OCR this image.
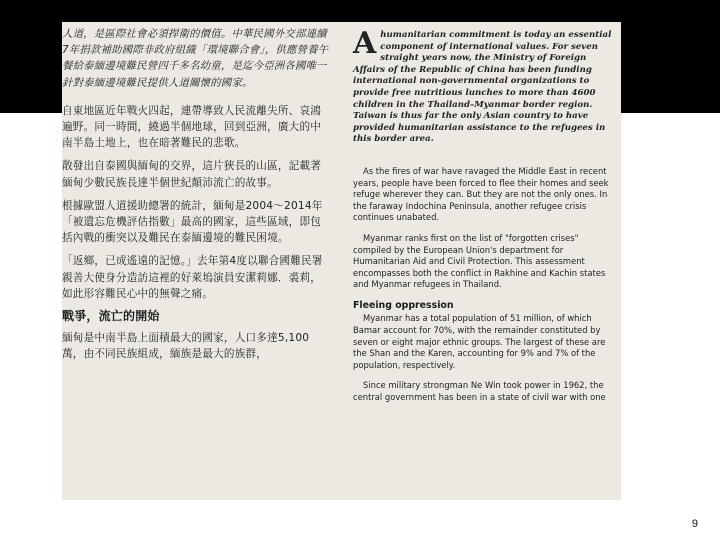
人道，是區際社會必須捍衛的價值。中華民國外交部連續7年捐款補助國際非政府組織「環境聯合會」，供應營養午餐給泰緬邊境難民營四千多名幼童，是迄今亞洲各國唯一針對泰緬邊境難民提供人道關懷的國家。

自東地區近年戰火四起，連帶導致人民流離失所、哀鴻遍野。同一時間，繞過半個地球，回到亞洲，廣大的中南半島土地上，也在暗著難民的悲歌。

散發出自泰國與緬甸的交界，這片狹長的山區，記載著緬甸少數民族長達半個世紀顛沛流亡的故事。

根據歐盟人道援助總署的統計，緬甸是2004～2014年「被遺忘危機評估指數」最高的國家，這些區域，即包括內戰的衝突以及難民在泰緬邊境的難民困境。

「返鄉，已成遙遠的記憶。」去年第4度以聯合國難民署親善大使身分造訪這裡的好萊塢演員安潔莉娜．裘莉，如此形容難民心中的無聲之痛。

戰爭，流亡的開始

緬甸是中南半島上面積最大的國家，人口多達5,100萬，由不同民族組成，緬族是最大的族群，

Ahumanitarian commitment is today an essential component of international values. For seven straight years now, the Ministry of Foreign Affairs of the Republic of China has been funding international non-governmental organizations to provide free nutritious lunches to more than 4600 children in the Thailand–Myanmar border region. Taiwan is thus far the only Asian country to have provided humanitarian assistance to the refugees in this border area.

As the fires of war have ravaged the Middle East in recent years, people have been forced to flee their homes and seek refuge wherever they can. But they are not the only ones. In the faraway Indochina Peninsula, another refugee crisis continues unabated.

Myanmar ranks first on the list of "forgotten crises" compiled by the European Union's department for Humanitarian Aid and Civil Protection. This assessment encompasses both the conflict in Rakhine and Kachin states and Myanmar refugees in Thailand.

Fleeing oppression

Myanmar has a total population of 51 million, of which Bamar account for 70%, with the remainder constituted by seven or eight major ethnic groups. The largest of these are the Shan and the Karen, accounting for 9% and 7% of the population, respectively.

Since military strongman Ne Win took power in 1962, the central government has been in a state of civil war with one

9
